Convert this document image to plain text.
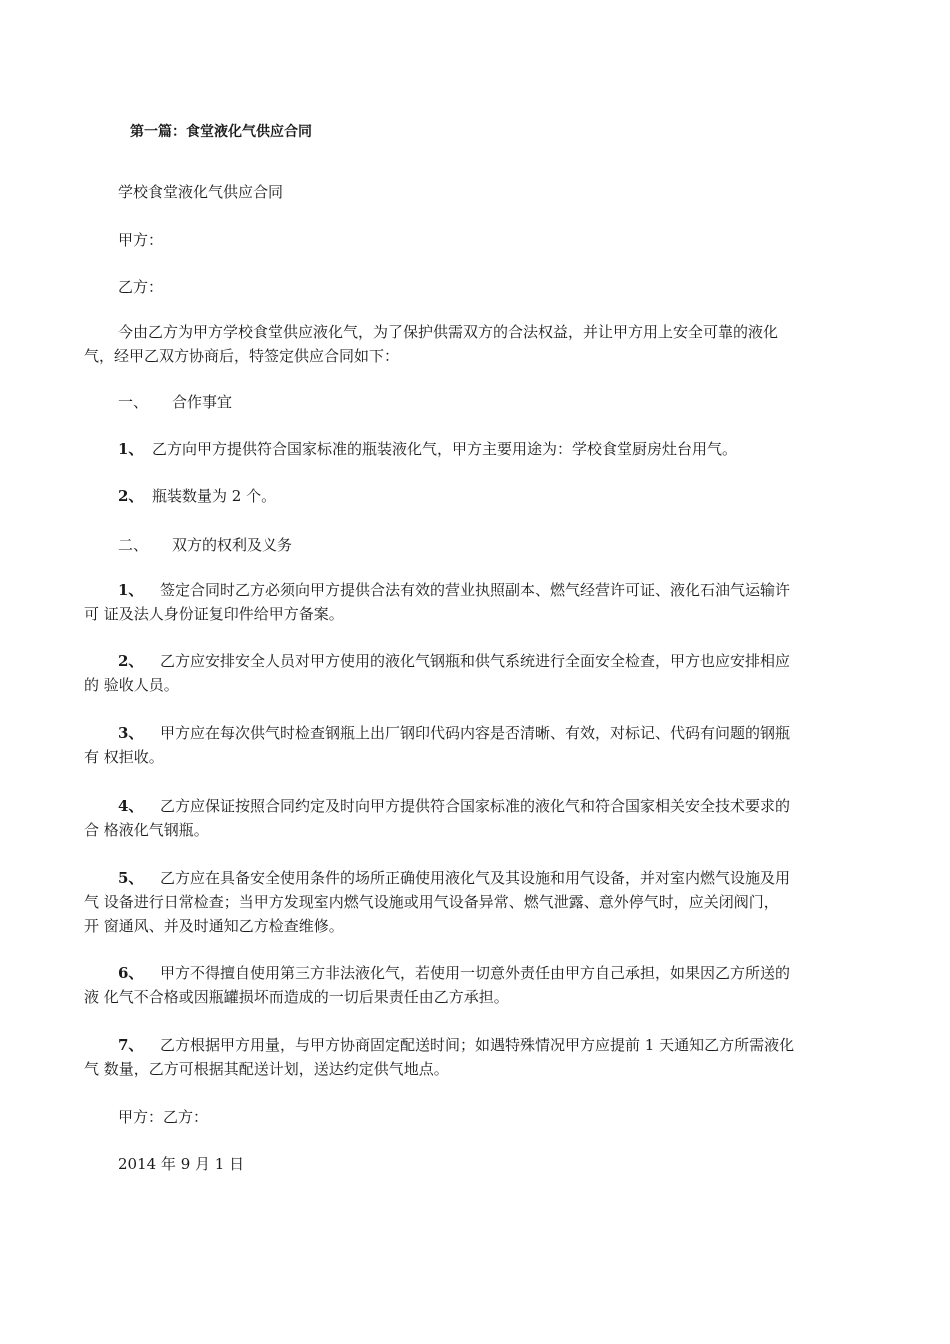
第一篇：食堂液化气供应合同
学校食堂液化气供应合同
甲方：
乙方：
今由乙方为甲方学校食堂供应液化气，为了保护供需双方的合法权益，并让甲方用上安全可靠的液化
气，经甲乙双方协商后，特签定供应合同如下：
一、 合作事宜
1、 乙方向甲方提供符合国家标准的瓶装液化气，甲方主要用途为：学校食堂厨房灶台用气。
2、 瓶装数量为 2 个。
二、 双方的权利及义务
1、 签定合同时乙方必须向甲方提供合法有效的营业执照副本、燃气经营许可证、液化石油气运输许
可 证及法人身份证复印件给甲方备案。
2、 乙方应安排安全人员对甲方使用的液化气钢瓶和供气系统进行全面安全检查，甲方也应安排相应
的 验收人员。
3、 甲方应在每次供气时检查钢瓶上出厂钢印代码内容是否清晰、有效，对标记、代码有问题的钢瓶
有 权拒收。
4、 乙方应保证按照合同约定及时向甲方提供符合国家标准的液化气和符合国家相关安全技术要求的
合 格液化气钢瓶。
5、 乙方应在具备安全使用条件的场所正确使用液化气及其设施和用气设备，并对室内燃气设施及用
气 设备进行日常检查；当甲方发现室内燃气设施或用气设备异常、燃气泄露、意外停气时，应关闭阀门，
开 窗通风、并及时通知乙方检查维修。
6、 甲方不得擅自使用第三方非法液化气，若使用一切意外责任由甲方自己承担，如果因乙方所送的
液 化气不合格或因瓶罐损坏而造成的一切后果责任由乙方承担。
7、 乙方根据甲方用量，与甲方协商固定配送时间；如遇特殊情况甲方应提前 1 天通知乙方所需液化
气 数量，乙方可根据其配送计划，送达约定供气地点。
甲方：乙方：
2014 年 9 月 1 日
